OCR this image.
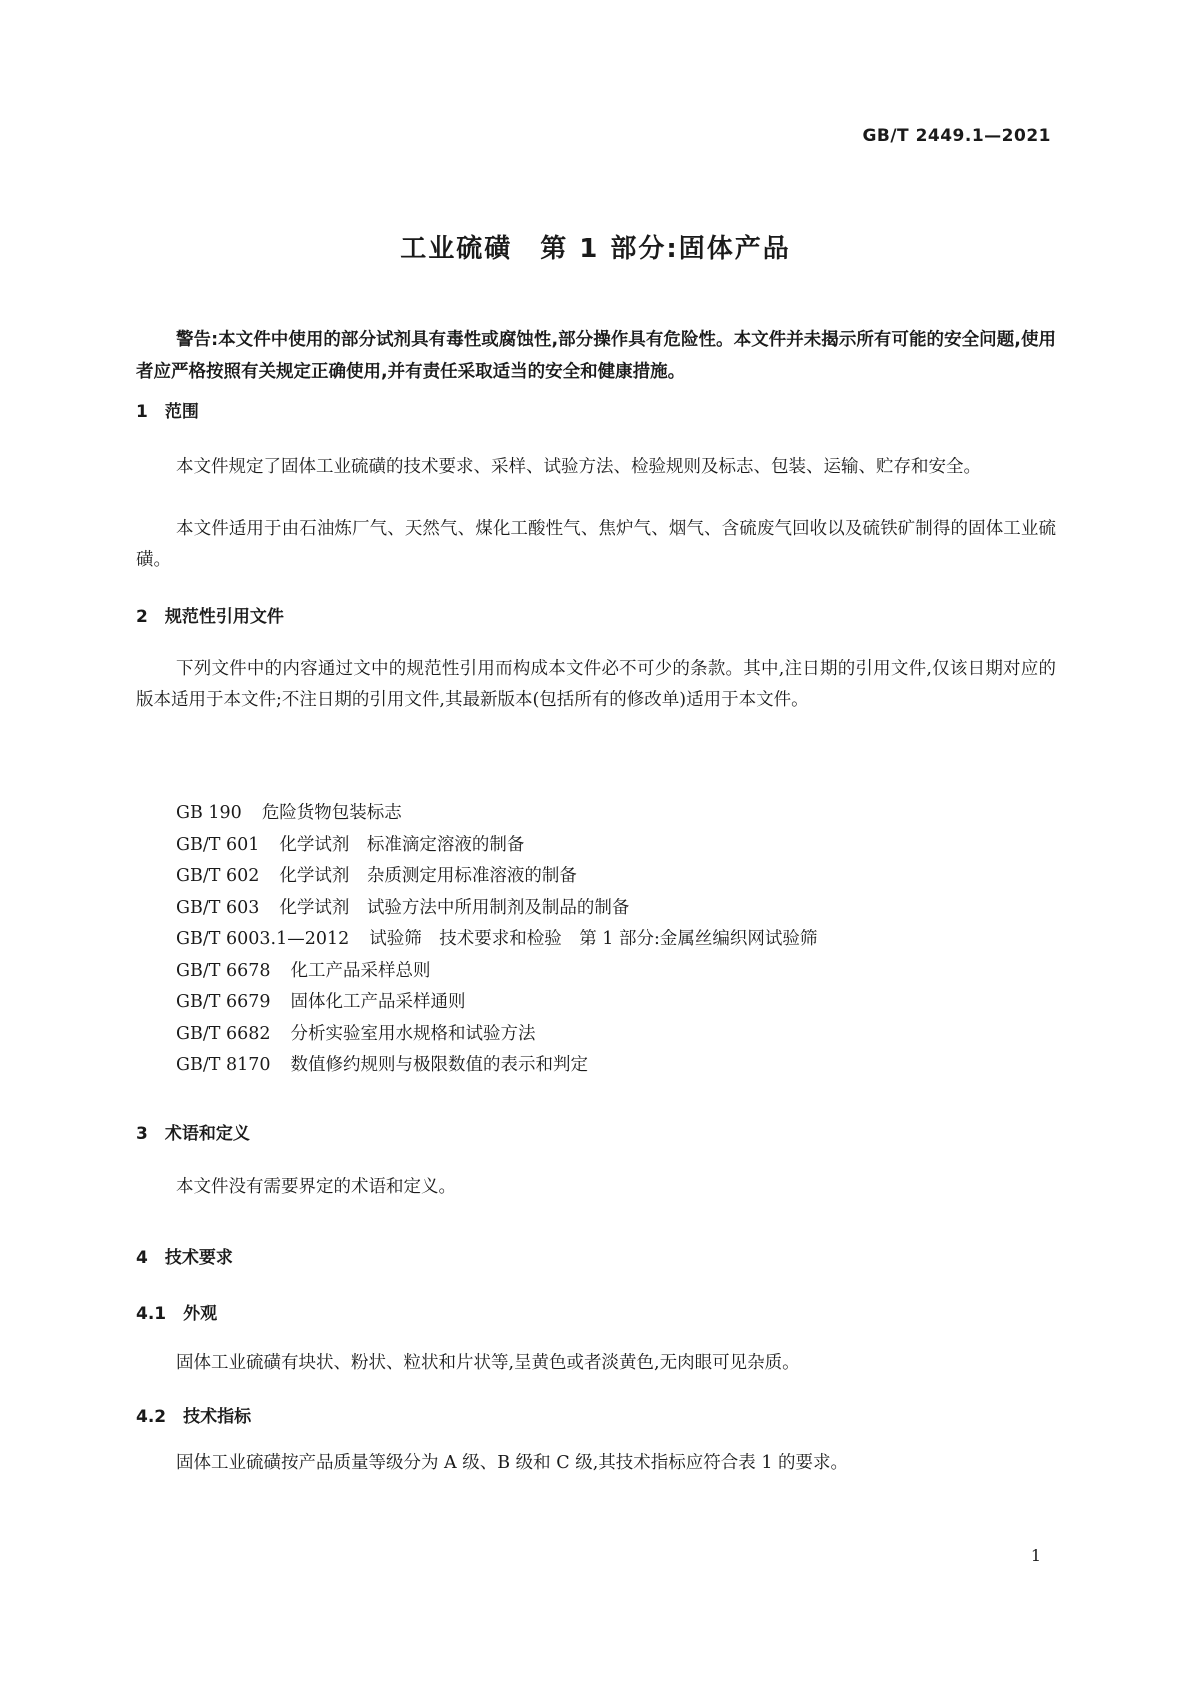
GB/T 2449.1—2021
工业硫磺　第 1 部分:固体产品
警告:本文件中使用的部分试剂具有毒性或腐蚀性,部分操作具有危险性。本文件并未揭示所有可能的安全问题,使用者应严格按照有关规定正确使用,并有责任采取适当的安全和健康措施。
1　范围
本文件规定了固体工业硫磺的技术要求、采样、试验方法、检验规则及标志、包装、运输、贮存和安全。
本文件适用于由石油炼厂气、天然气、煤化工酸性气、焦炉气、烟气、含硫废气回收以及硫铁矿制得的固体工业硫磺。
2　规范性引用文件
下列文件中的内容通过文中的规范性引用而构成本文件必不可少的条款。其中,注日期的引用文件,仅该日期对应的版本适用于本文件;不注日期的引用文件,其最新版本(包括所有的修改单)适用于本文件。
GB 190 危险货物包装标志
GB/T 601 化学试剂　标准滴定溶液的制备
GB/T 602 化学试剂　杂质测定用标准溶液的制备
GB/T 603 化学试剂　试验方法中所用制剂及制品的制备
GB/T 6003.1—2012 试验筛　技术要求和检验　第 1 部分:金属丝编织网试验筛
GB/T 6678 化工产品采样总则
GB/T 6679 固体化工产品采样通则
GB/T 6682 分析实验室用水规格和试验方法
GB/T 8170 数值修约规则与极限数值的表示和判定
3　术语和定义
本文件没有需要界定的术语和定义。
4　技术要求
4.1　外观
固体工业硫磺有块状、粉状、粒状和片状等,呈黄色或者淡黄色,无肉眼可见杂质。
4.2　技术指标
固体工业硫磺按产品质量等级分为 A 级、B 级和 C 级,其技术指标应符合表 1 的要求。
1
